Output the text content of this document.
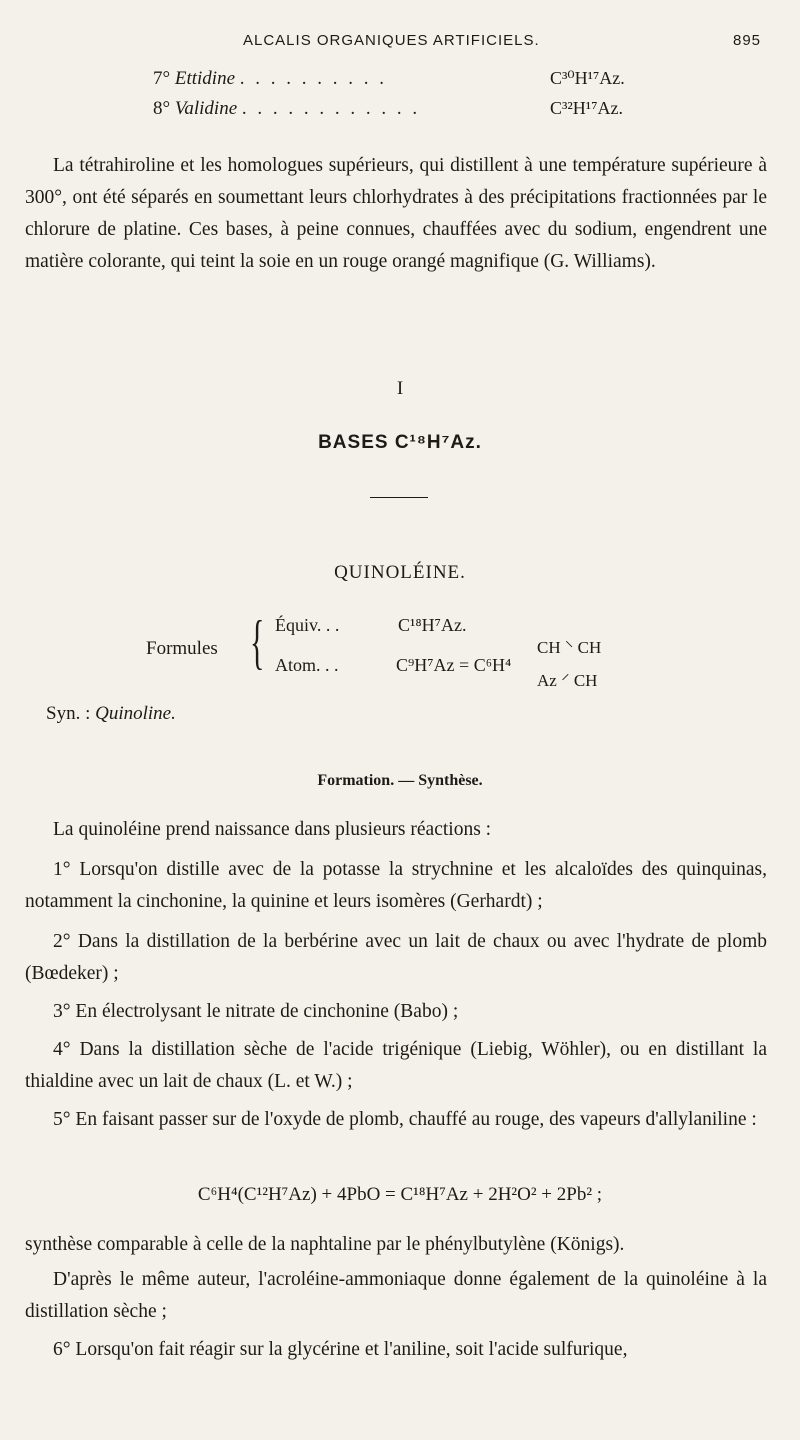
ALCALIS ORGANIQUES ARTIFICIELS.	895
7° Ettidine . . . . . . . . . .	C³⁰H¹⁷Az.
8° Validine . . . . . . . . . . . .	C³²H¹⁷Az.
La tétrahiroline et les homologues supérieurs, qui distillent à une température supérieure à 300°, ont été séparés en soumettant leurs chlorhydrates à des précipitations fractionnées par le chlorure de platine. Ces bases, à peine connues, chauffées avec du sodium, engendrent une matière colorante, qui teint la soie en un rouge orangé magnifique (G. Williams).
I
BASES C¹⁸H⁷Az.
QUINOLÉINE.
Formules { Équiv. . .	C¹⁸H⁷Az.
Atom. . .	C⁹H⁷Az = C⁶H⁴
CH ⸌ CH
Az ⸍ CH
Syn. : Quinoline.
Formation. — Synthèse.
La quinoléine prend naissance dans plusieurs réactions :
1° Lorsqu'on distille avec de la potasse la strychnine et les alcaloïdes des quinquinas, notamment la cinchonine, la quinine et leurs isomères (Gerhardt) ;
2° Dans la distillation de la berbérine avec un lait de chaux ou avec l'hydrate de plomb (Bœdeker) ;
3° En électrolysant le nitrate de cinchonine (Babo) ;
4° Dans la distillation sèche de l'acide trigénique (Liebig, Wöhler), ou en distillant la thialdine avec un lait de chaux (L. et W.) ;
5° En faisant passer sur de l'oxyde de plomb, chauffé au rouge, des vapeurs d'allylaniline :
C⁶H⁴(C¹²H⁷Az) + 4PbO = C¹⁸H⁷Az + 2H²O² + 2Pb² ;
synthèse comparable à celle de la naphtaline par le phénylbutylène (Königs).
D'après le même auteur, l'acroléine-ammoniaque donne également de la quinoléine à la distillation sèche ;
6° Lorsqu'on fait réagir sur la glycérine et l'aniline, soit l'acide sulfurique,
